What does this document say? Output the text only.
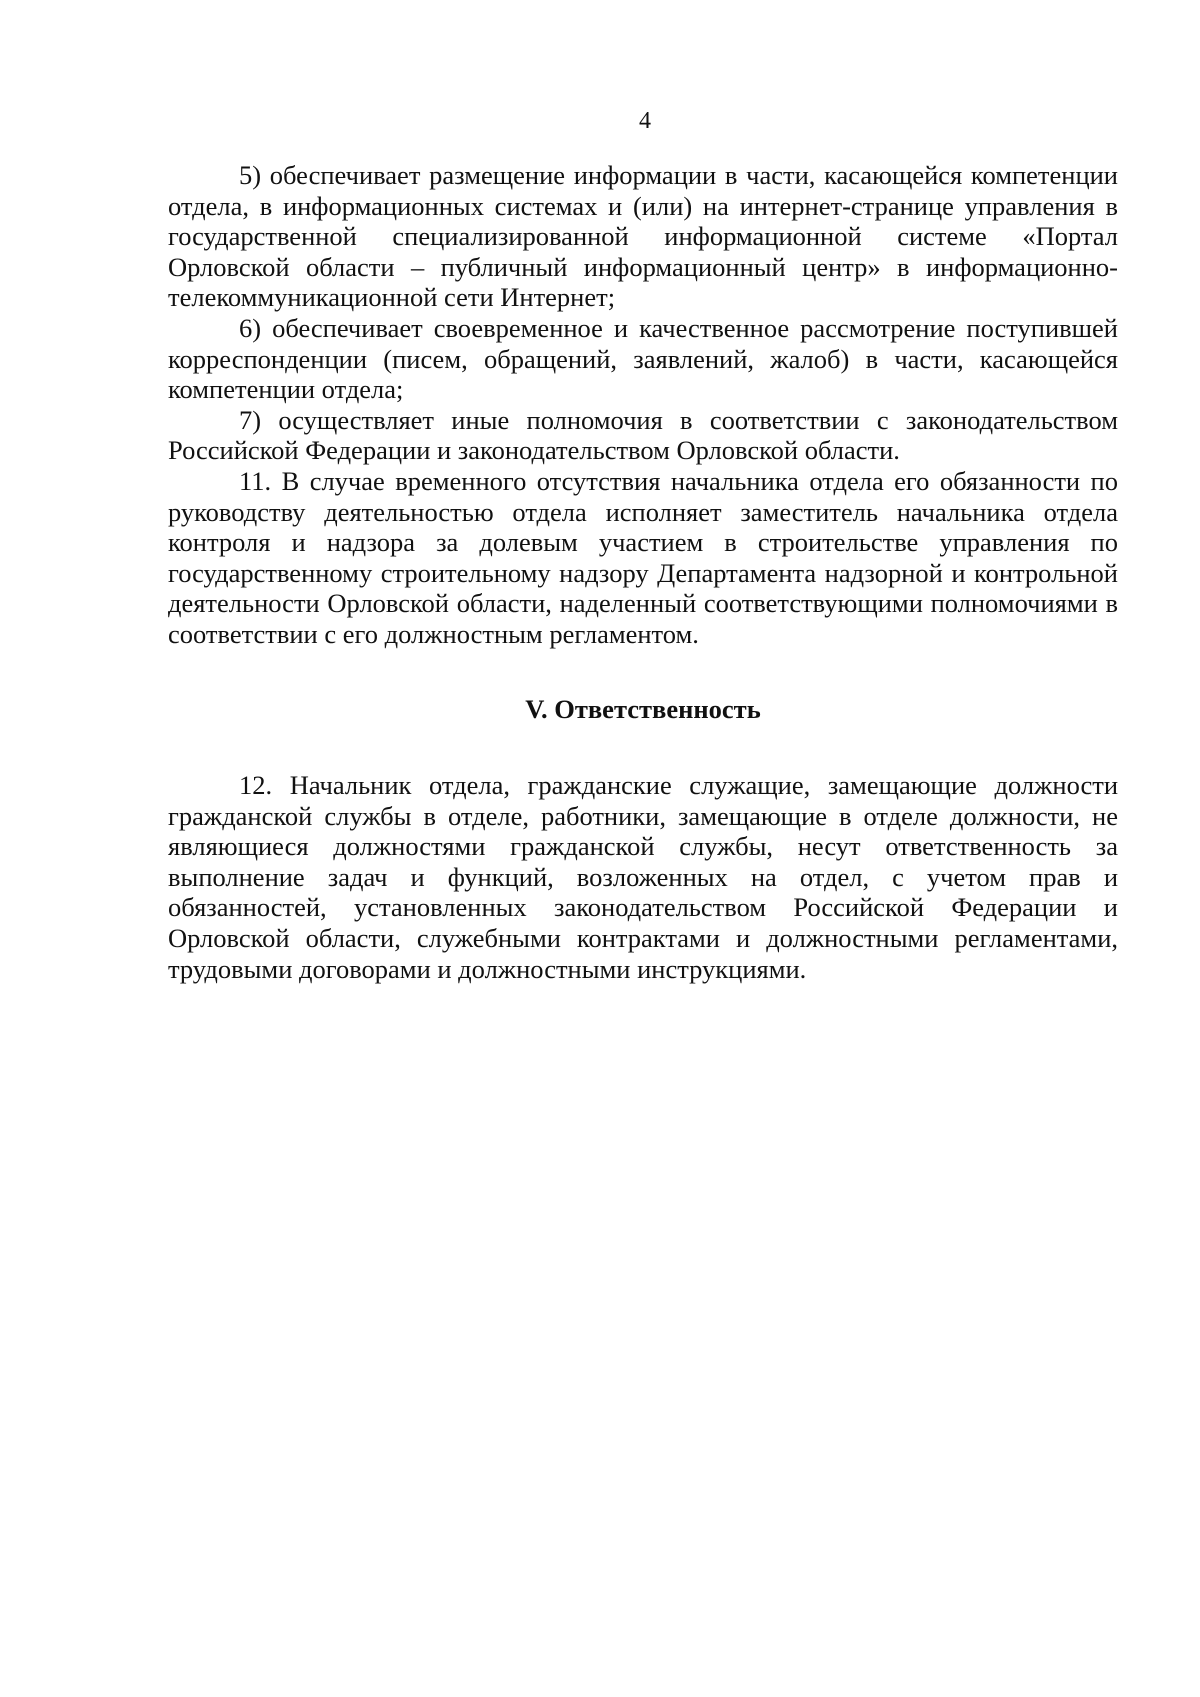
4

5) обеспечивает размещение информации в части, касающейся компетенции отдела, в информационных системах и (или) на интернет-странице управления в государственной специализированной информационной системе «Портал Орловской области – публичный информационный центр» в информационно-телекоммуникационной сети Интернет;

6) обеспечивает своевременное и качественное рассмотрение поступившей корреспонденции (писем, обращений, заявлений, жалоб) в части, касающейся компетенции отдела;

7) осуществляет иные полномочия в соответствии с законодательством Российской Федерации и законодательством Орловской области.

11. В случае временного отсутствия начальника отдела его обязанности по руководству деятельностью отдела исполняет заместитель начальника отдела контроля и надзора за долевым участием в строительстве управления по государственному строительному надзору Департамента надзорной и контрольной деятельности Орловской области, наделенный соответствующими полномочиями в соответствии с его должностным регламентом.

V. Ответственность

12. Начальник отдела, гражданские служащие, замещающие должности гражданской службы в отделе, работники, замещающие в отделе должности, не являющиеся должностями гражданской службы, несут ответственность за выполнение задач и функций, возложенных на отдел, с учетом прав и обязанностей, установленных законодательством Российской Федерации и Орловской области, служебными контрактами и должностными регламентами, трудовыми договорами и должностными инструкциями.
